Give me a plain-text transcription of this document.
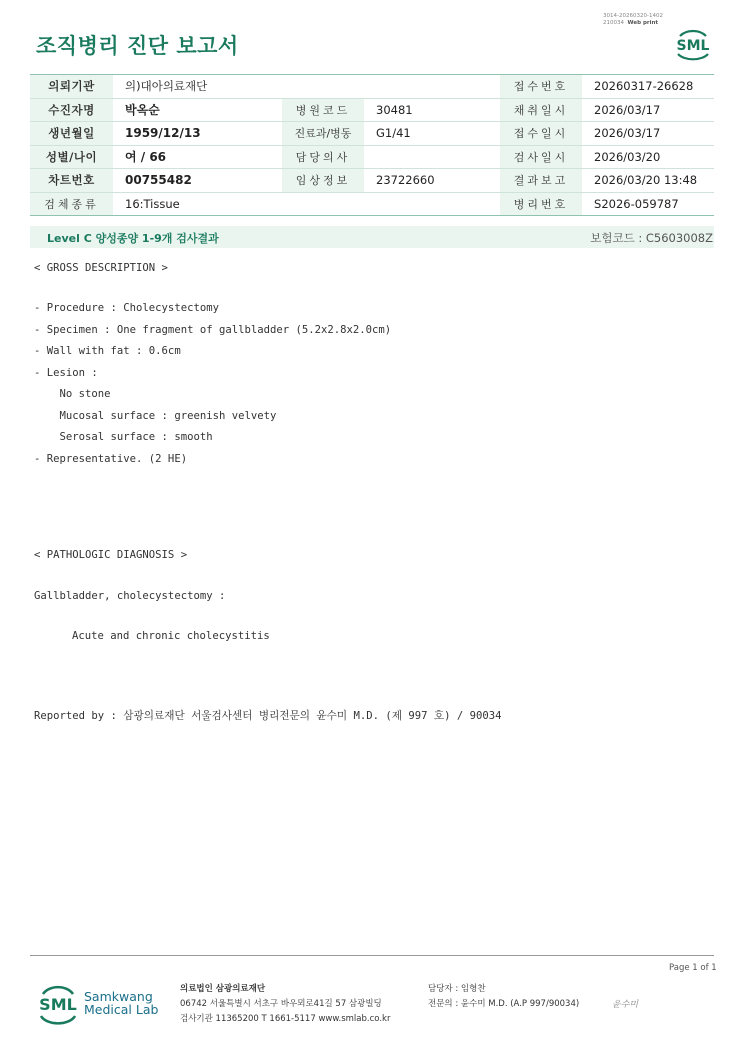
조직병리 진단 보고서
3014-20260320-1402
210034 Web print
SML
의뢰기관	의)대아의료재단			접수번호	20260317-26628
수진자명	박옥순	병원코드	30481	채취일시	2026/03/17
생년월일	1959/12/13	진료과/병동	G1/41	접수일시	2026/03/17
성별/나이	여 / 66	담당의사		검사일시	2026/03/20
차트번호	00755482	임상정보	23722660	결과보고	2026/03/20 13:48
검체종류	16:Tissue			병리번호	S2026-059787
Level C 양성종양 1-9개 검사결과	보험코드 : C5603008Z
< GROSS DESCRIPTION >
- Procedure : Cholecystectomy
- Specimen : One fragment of gallbladder (5.2x2.8x2.0cm)
- Wall with fat : 0.6cm
- Lesion :
No stone
Mucosal surface : greenish velvety
Serosal surface : smooth
- Representative. (2 HE)
< PATHOLOGIC DIAGNOSIS >
Gallbladder, cholecystectomy :
Acute and chronic cholecystitis
Reported by : 삼광의료재단 서울검사센터 병리전문의 윤수미 M.D. (제 997 호) / 90034
Page 1 of 1
SML Samkwang
Medical Lab
의료법인 삼광의료재단
06742 서울특별시 서초구 바우뫼로41길 57 삼광빌딩
검사기관 11365200 T 1661-5117 www.smlab.co.kr
담당자 : 임형찬
전문의 : 윤수미 M.D. (A.P 997/90034)	윤수미
